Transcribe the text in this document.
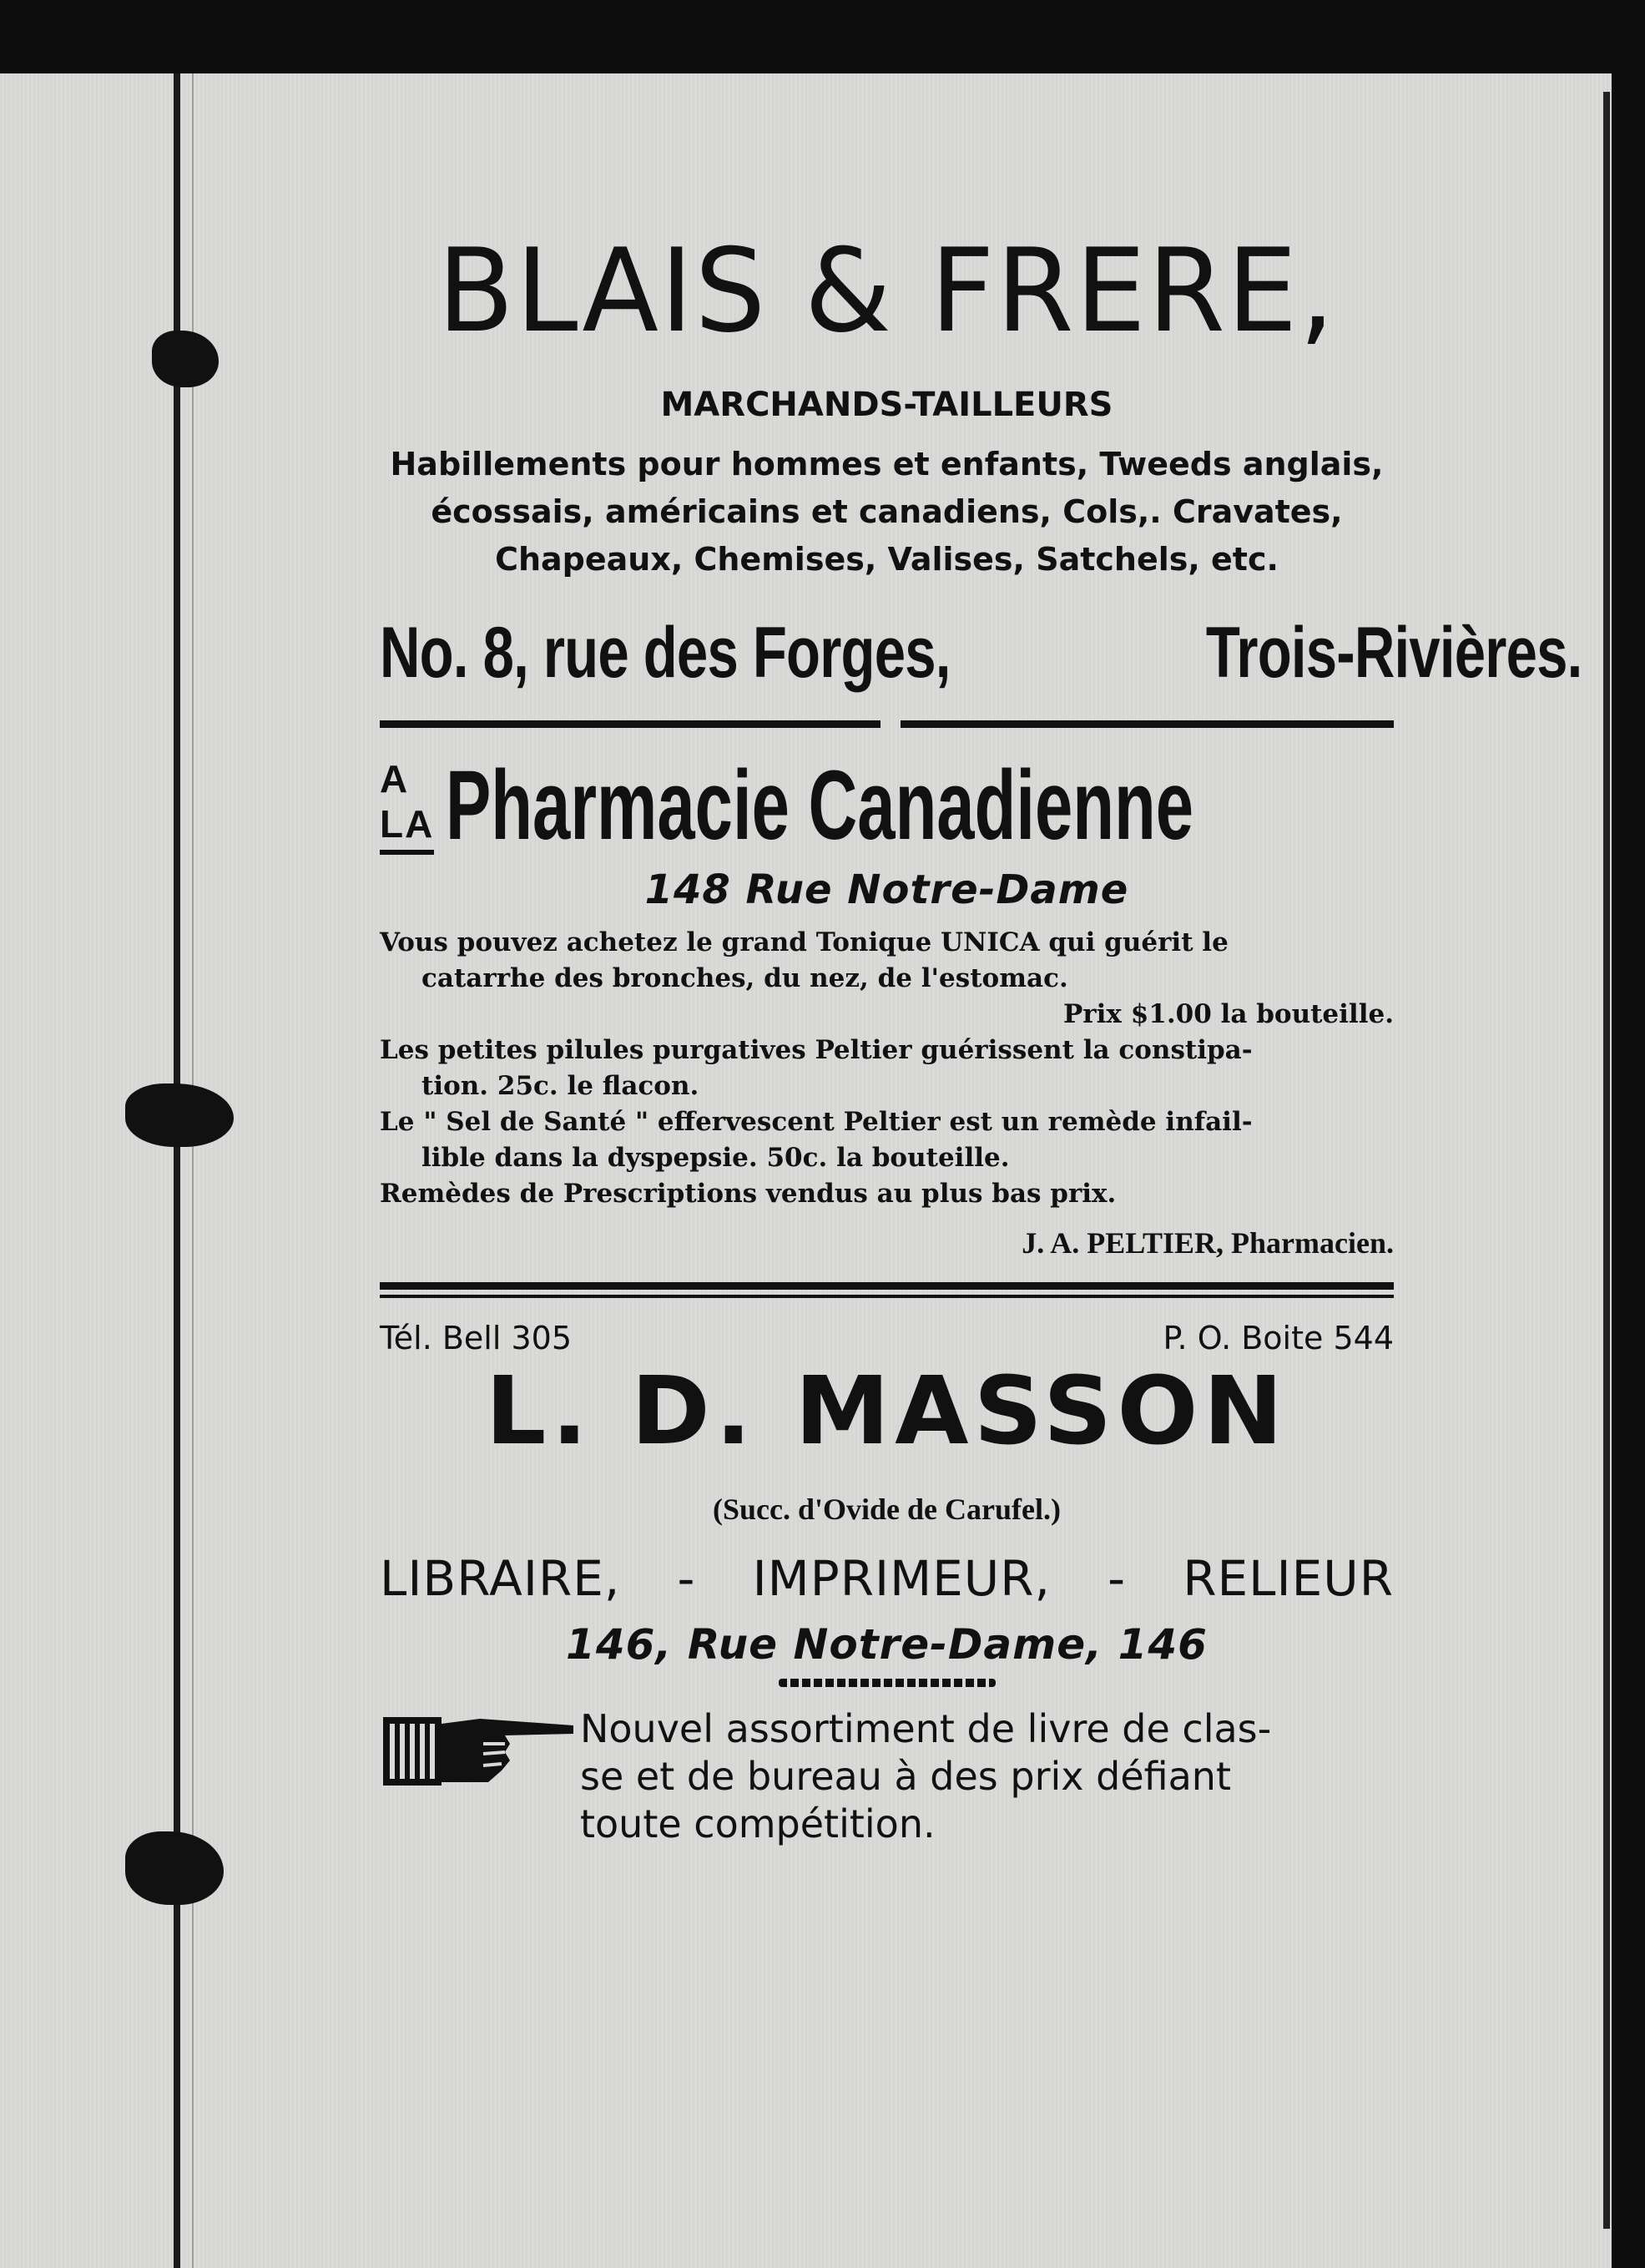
BLAIS & FRERE,
MARCHANDS-TAILLEURS
Habillements pour hommes et enfants, Tweeds anglais,
écossais, américains et canadiens, Cols,. Cravates,
Chapeaux, Chemises, Valises, Satchels, etc.
No. 8, rue des Forges,	Trois-Rivières.
A LA Pharmacie Canadienne
148 Rue Notre-Dame
Vous pouvez achetez le grand Tonique UNICA qui guérit le
catarrhe des bronches, du nez, de l'estomac.
Prix $1.00 la bouteille.
Les petites pilules purgatives Peltier guérissent la constipa-
tion. 25c. le flacon.
Le " Sel de Santé " effervescent Peltier est un remède infail-
lible dans la dyspepsie. 50c. la bouteille.
Remèdes de Prescriptions vendus au plus bas prix.
J. A. PELTIER, Pharmacien.
Tél. Bell 305	P. O. Boite 544
L. D. MASSON
(Succ. d'Ovide de Carufel.)
LIBRAIRE, - IMPRIMEUR, - RELIEUR
146, Rue Notre-Dame, 146
Nouvel assortiment de livre de clas-
se et de bureau à des prix défiant
toute compétition.
